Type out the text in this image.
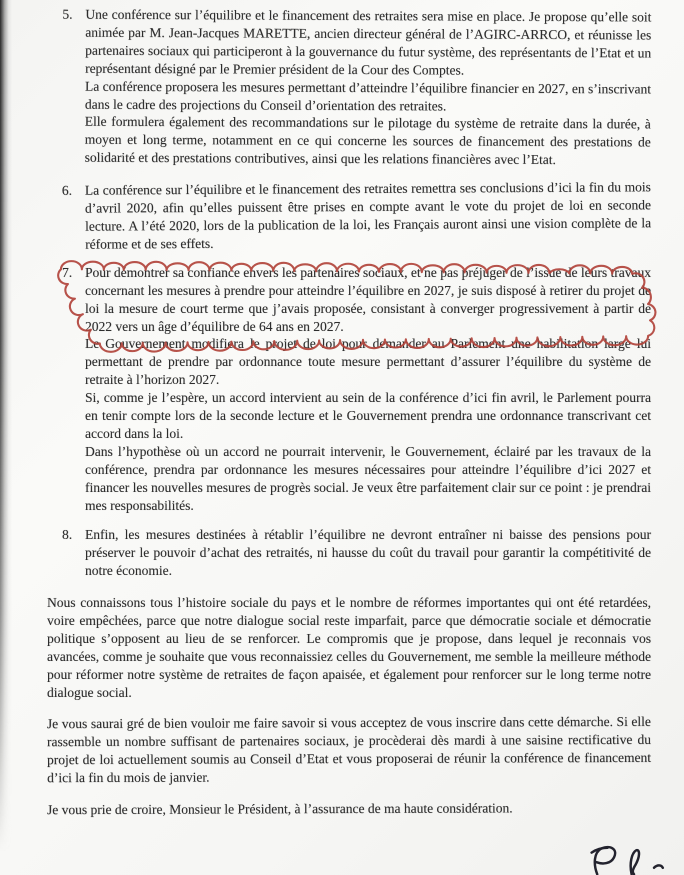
5. Une conférence sur l’équilibre et le financement des retraites sera mise en place. Je propose qu’elle soit animée par M. Jean-Jacques MARETTE, ancien directeur général de l’AGIRC-ARRCO, et réunisse les partenaires sociaux qui participeront à la gouvernance du futur système, des représentants de l’Etat et un représentant désigné par le Premier président de la Cour des Comptes.

La conférence proposera les mesures permettant d’atteindre l’équilibre financier en 2027, en s’inscrivant dans le cadre des projections du Conseil d’orientation des retraites.

Elle formulera également des recommandations sur le pilotage du système de retraite dans la durée, à moyen et long terme, notamment en ce qui concerne les sources de financement des prestations de solidarité et des prestations contributives, ainsi que les relations financières avec l’Etat.

6. La conférence sur l’équilibre et le financement des retraites remettra ses conclusions d’ici la fin du mois d’avril 2020, afin qu’elles puissent être prises en compte avant le vote du projet de loi en seconde lecture. A l’été 2020, lors de la publication de la loi, les Français auront ainsi une vision complète de la réforme et de ses effets.

7. Pour démontrer sa confiance envers les partenaires sociaux, et ne pas préjuger de l’issue de leurs travaux concernant les mesures à prendre pour atteindre l’équilibre en 2027, je suis disposé à retirer du projet de loi la mesure de court terme que j’avais proposée, consistant à converger progressivement à partir de 2022 vers un âge d’équilibre de 64 ans en 2027.

Le Gouvernement modifiera le projet de loi pour demander au Parlement une habilitation large lui permettant de prendre par ordonnance toute mesure permettant d’assurer l’équilibre du système de retraite à l’horizon 2027.

Si, comme je l’espère, un accord intervient au sein de la conférence d’ici fin avril, le Parlement pourra en tenir compte lors de la seconde lecture et le Gouvernement prendra une ordonnance transcrivant cet accord dans la loi.

Dans l’hypothèse où un accord ne pourrait intervenir, le Gouvernement, éclairé par les travaux de la conférence, prendra par ordonnance les mesures nécessaires pour atteindre l’équilibre d’ici 2027 et financer les nouvelles mesures de progrès social. Je veux être parfaitement clair sur ce point : je prendrai mes responsabilités.

8. Enfin, les mesures destinées à rétablir l’équilibre ne devront entraîner ni baisse des pensions pour préserver le pouvoir d’achat des retraités, ni hausse du coût du travail pour garantir la compétitivité de notre économie.

Nous connaissons tous l’histoire sociale du pays et le nombre de réformes importantes qui ont été retardées, voire empêchées, parce que notre dialogue social reste imparfait, parce que démocratie sociale et démocratie politique s’opposent au lieu de se renforcer. Le compromis que je propose, dans lequel je reconnais vos avancées, comme je souhaite que vous reconnaissiez celles du Gouvernement, me semble la meilleure méthode pour réformer notre système de retraites de façon apaisée, et également pour renforcer sur le long terme notre dialogue social.

Je vous saurai gré de bien vouloir me faire savoir si vous acceptez de vous inscrire dans cette démarche. Si elle rassemble un nombre suffisant de partenaires sociaux, je procèderai dès mardi à une saisine rectificative du projet de loi actuellement soumis au Conseil d’Etat et vous proposerai de réunir la conférence de financement d’ici la fin du mois de janvier.

Je vous prie de croire, Monsieur le Président, à l’assurance de ma haute considération.
